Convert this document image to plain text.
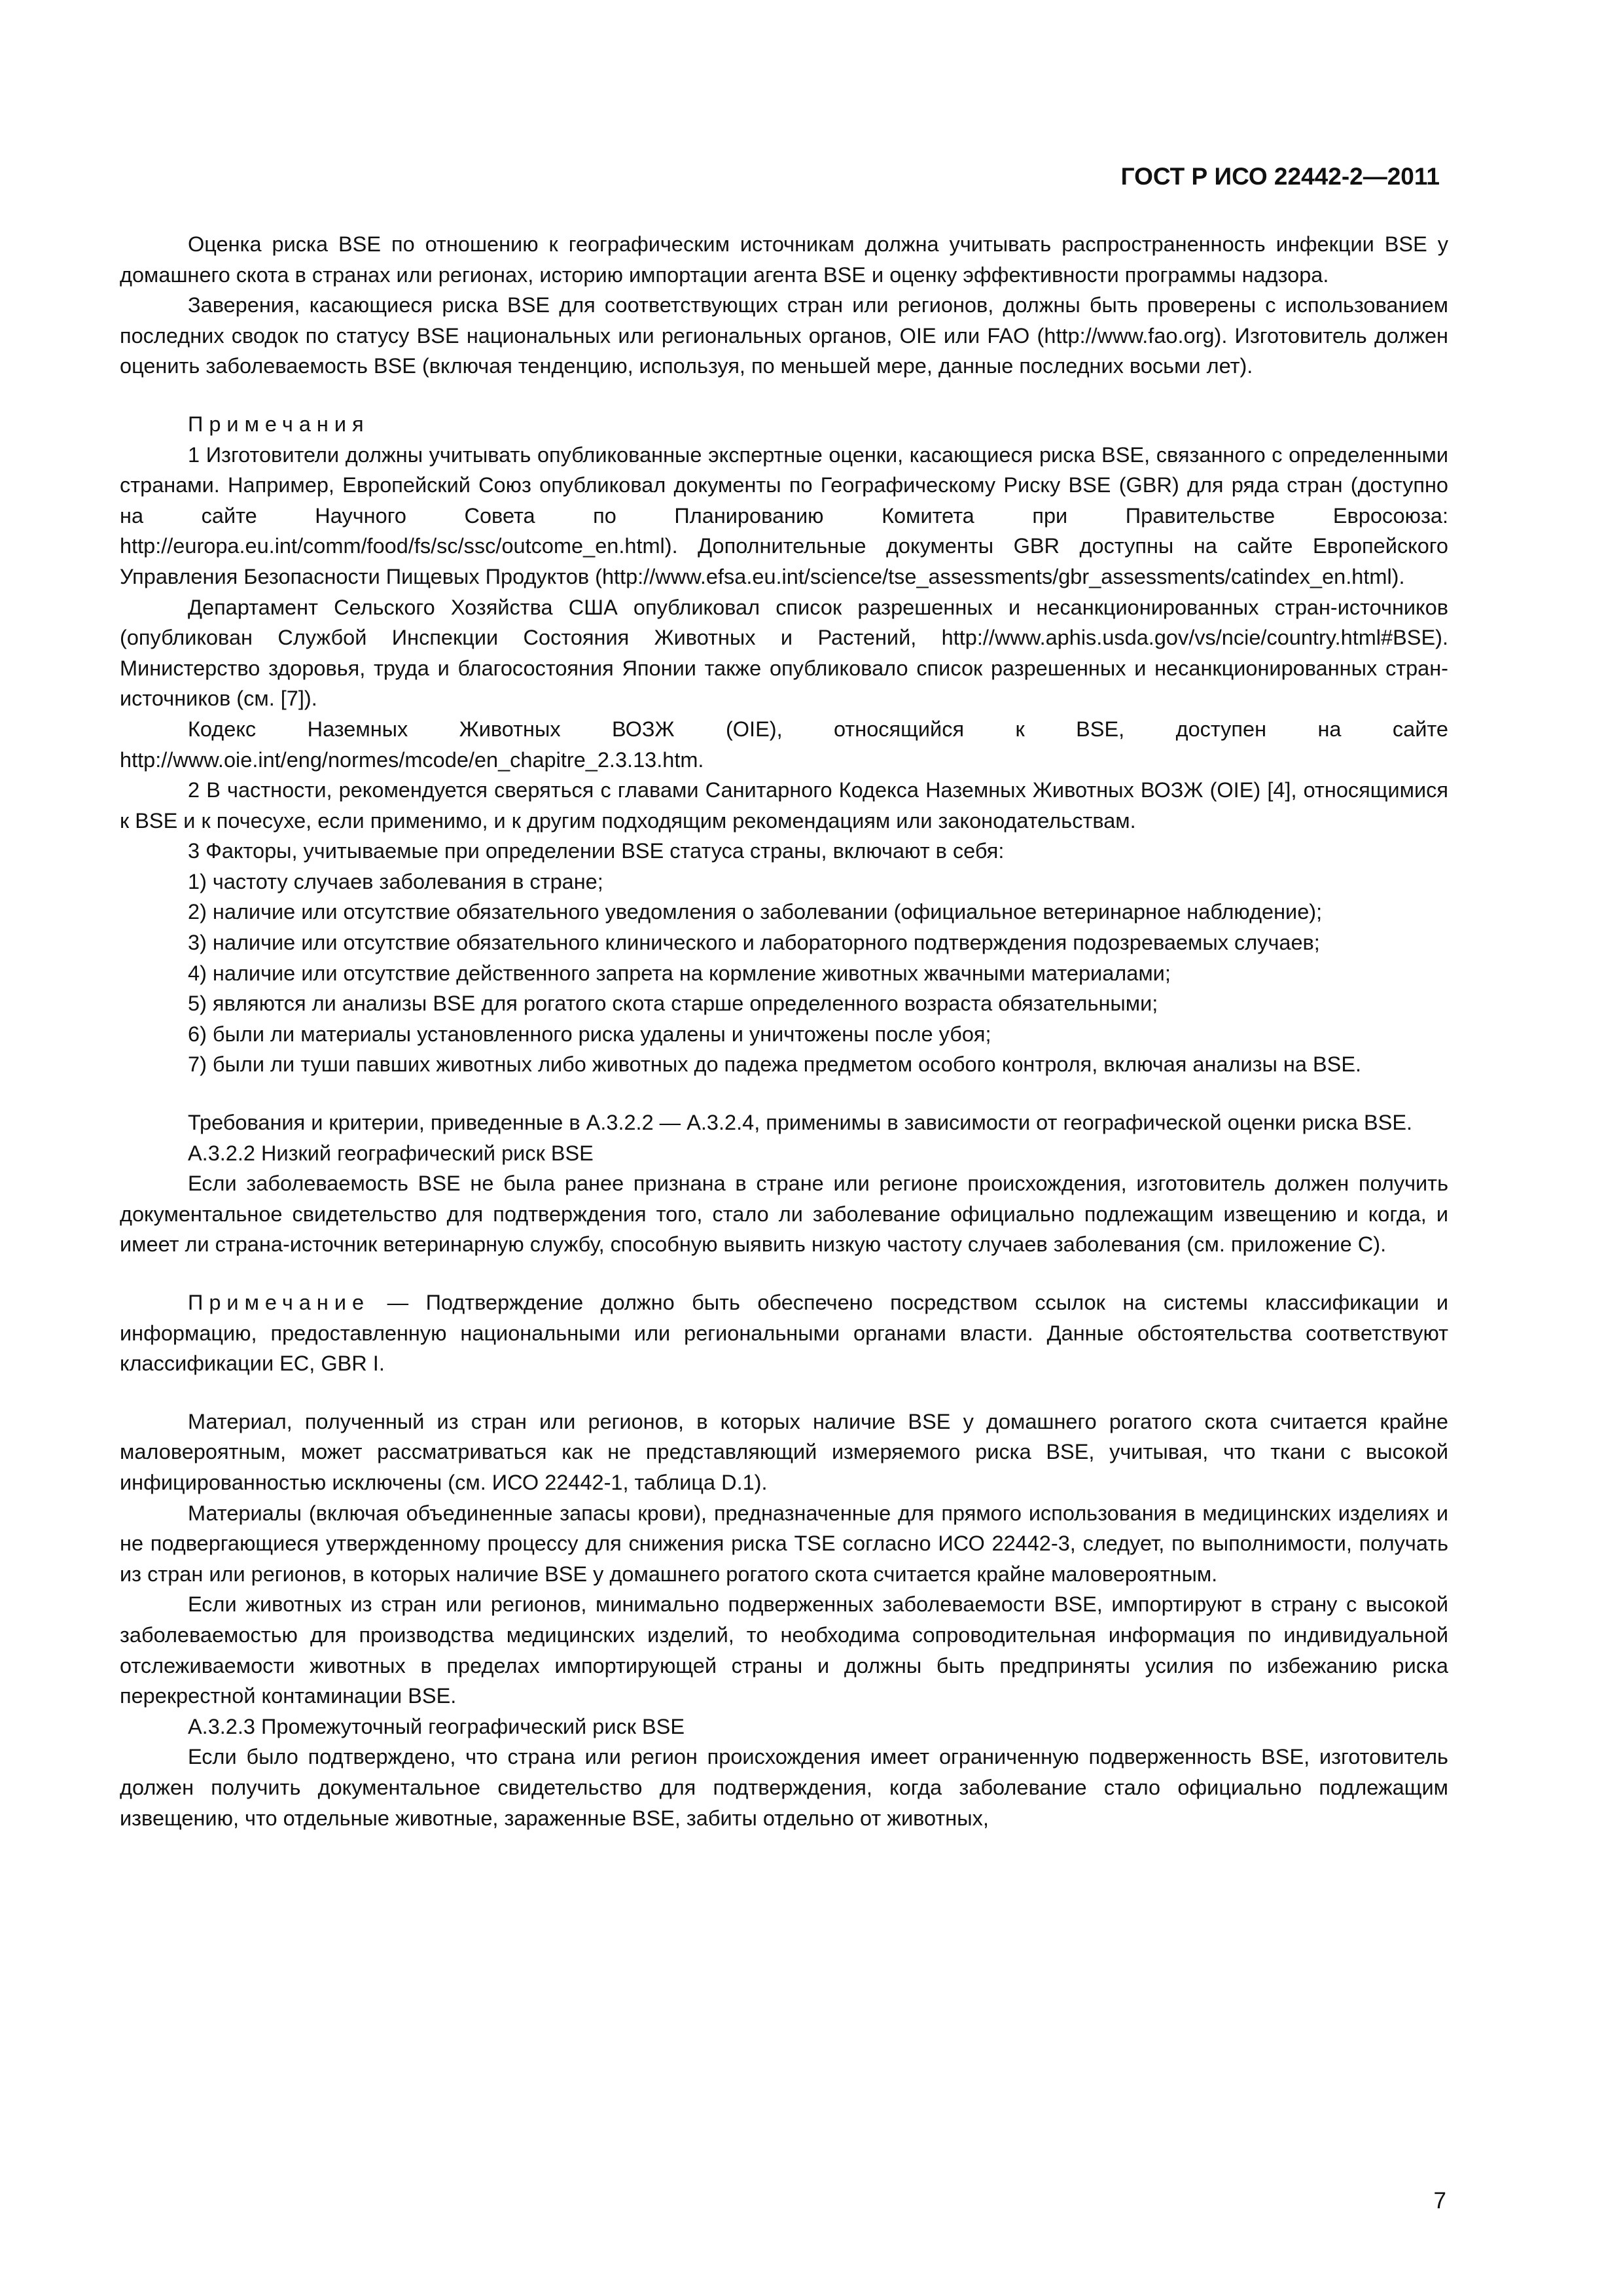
ГОСТ Р ИСО 22442-2—2011

Оценка риска BSE по отношению к географическим источникам должна учитывать распространенность инфекции BSE у домашнего скота в странах или регионах, историю импортации агента BSE и оценку эффективности программы надзора.

Заверения, касающиеся риска BSE для соответствующих стран или регионов, должны быть проверены с использованием последних сводок по статусу BSE национальных или региональных органов, OIE или FAO (http://www.fao.org). Изготовитель должен оценить заболеваемость BSE (включая тенденцию, используя, по меньшей мере, данные последних восьми лет).

Примечания

1 Изготовители должны учитывать опубликованные экспертные оценки, касающиеся риска BSE, связанного с определенными странами. Например, Европейский Союз опубликовал документы по Географическому Риску BSE (GBR) для ряда стран (доступно на сайте Научного Совета по Планированию Комитета при Правительстве Евросоюза: http://europa.eu.int/comm/food/fs/sc/ssc/outcome_en.html). Дополнительные документы GBR доступны на сайте Европейского Управления Безопасности Пищевых Продуктов (http://www.efsa.eu.int/science/tse_assessments/gbr_assessments/catindex_en.html).

Департамент Сельского Хозяйства США опубликовал список разрешенных и несанкционированных стран-источников (опубликован Службой Инспекции Состояния Животных и Растений, http://www.aphis.usda.gov/vs/ncie/country.html#BSE). Министерство здоровья, труда и благосостояния Японии также опубликовало список разрешенных и несанкционированных стран-источников (см. [7]).

Кодекс Наземных Животных ВОЗЖ (OIE), относящийся к BSE, доступен на сайте http://www.oie.int/eng/normes/mcode/en_chapitre_2.3.13.htm.

2 В частности, рекомендуется сверяться с главами Санитарного Кодекса Наземных Животных ВОЗЖ (OIE) [4], относящимися к BSE и к почесухе, если применимо, и к другим подходящим рекомендациям или законодательствам.

3 Факторы, учитываемые при определении BSE статуса страны, включают в себя:

1) частоту случаев заболевания в стране;

2) наличие или отсутствие обязательного уведомления о заболевании (официальное ветеринарное наблюдение);

3) наличие или отсутствие обязательного клинического и лабораторного подтверждения подозреваемых случаев;

4) наличие или отсутствие действенного запрета на кормление животных жвачными материалами;

5) являются ли анализы BSE для рогатого скота старше определенного возраста обязательными;

6) были ли материалы установленного риска удалены и уничтожены после убоя;

7) были ли туши павших животных либо животных до падежа предметом особого контроля, включая анализы на BSE.

Требования и критерии, приведенные в А.3.2.2 — А.3.2.4, применимы в зависимости от географической оценки риска BSE.

А.3.2.2 Низкий географический риск BSE

Если заболеваемость BSE не была ранее признана в стране или регионе происхождения, изготовитель должен получить документальное свидетельство для подтверждения того, стало ли заболевание официально подлежащим извещению и когда, и имеет ли страна-источник ветеринарную службу, способную выявить низкую частоту случаев заболевания (см. приложение С).

Примечание — Подтверждение должно быть обеспечено посредством ссылок на системы классификации и информацию, предоставленную национальными или региональными органами власти. Данные обстоятельства соответствуют классификации ЕС, GBR I.

Материал, полученный из стран или регионов, в которых наличие BSE у домашнего рогатого скота считается крайне маловероятным, может рассматриваться как не представляющий измеряемого риска BSE, учитывая, что ткани с высокой инфицированностью исключены (см. ИСО 22442-1, таблица D.1).

Материалы (включая объединенные запасы крови), предназначенные для прямого использования в медицинских изделиях и не подвергающиеся утвержденному процессу для снижения риска TSE согласно ИСО 22442-3, следует, по выполнимости, получать из стран или регионов, в которых наличие BSE у домашнего рогатого скота считается крайне маловероятным.

Если животных из стран или регионов, минимально подверженных заболеваемости BSE, импортируют в страну с высокой заболеваемостью для производства медицинских изделий, то необходима сопроводительная информация по индивидуальной отслеживаемости животных в пределах импортирующей страны и должны быть предприняты усилия по избежанию риска перекрестной контаминации BSE.

А.3.2.3 Промежуточный географический риск BSE

Если было подтверждено, что страна или регион происхождения имеет ограниченную подверженность BSE, изготовитель должен получить документальное свидетельство для подтверждения, когда заболевание стало официально подлежащим извещению, что отдельные животные, зараженные BSE, забиты отдельно от животных,

7
